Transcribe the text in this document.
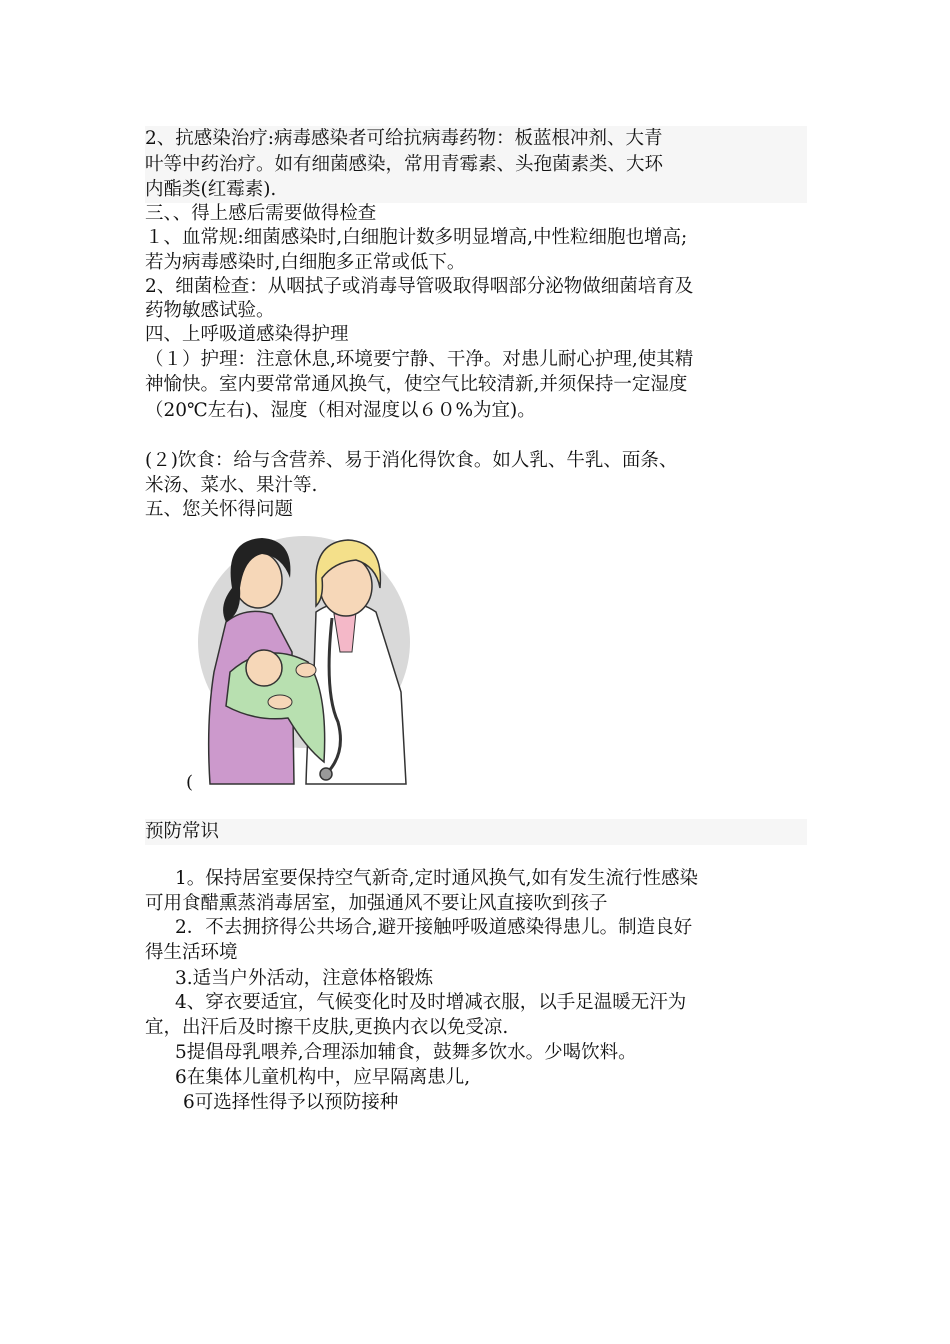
2、抗感染治疗:病毒感染者可给抗病毒药物：板蓝根冲剂、大青
叶等中药治疗。如有细菌感染，常用青霉素、头孢菌素类、大环
内酯类(红霉素).
三、、得上感后需要做得检查
１、血常规:细菌感染时,白细胞计数多明显增高,中性粒细胞也增高;
若为病毒感染时,白细胞多正常或低下。
2、细菌检查：从咽拭子或消毒导管吸取得咽部分泌物做细菌培育及
药物敏感试验。
四、上呼吸道感染得护理
（１）护理：注意休息,环境要宁静、干净。对患儿耐心护理,使其精
神愉快。室内要常常通风换气，使空气比较清新,并须保持一定湿度
（20℃左右)、湿度（相对湿度以６０%为宜)。
(２)饮食：给与含营养、易于消化得饮食。如人乳、牛乳、面条、
米汤、菜水、果汁等.
五、您关怀得问题
(
预防常识
1。保持居室要保持空气新奇,定时通风换气,如有发生流行性感染
可用食醋熏蒸消毒居室，加强通风不要让风直接吹到孩子
2．不去拥挤得公共场合,避开接触呼吸道感染得患儿。制造良好
得生活环境
3.适当户外活动，注意体格锻炼
4、穿衣要适宜，气候变化时及时增减衣服，以手足温暖无汗为
宜，出汗后及时擦干皮肤,更换内衣以免受凉.
5提倡母乳喂养,合理添加辅食，鼓舞多饮水。少喝饮料。
6在集体儿童机构中，应早隔离患儿,
6可选择性得予以预防接种
